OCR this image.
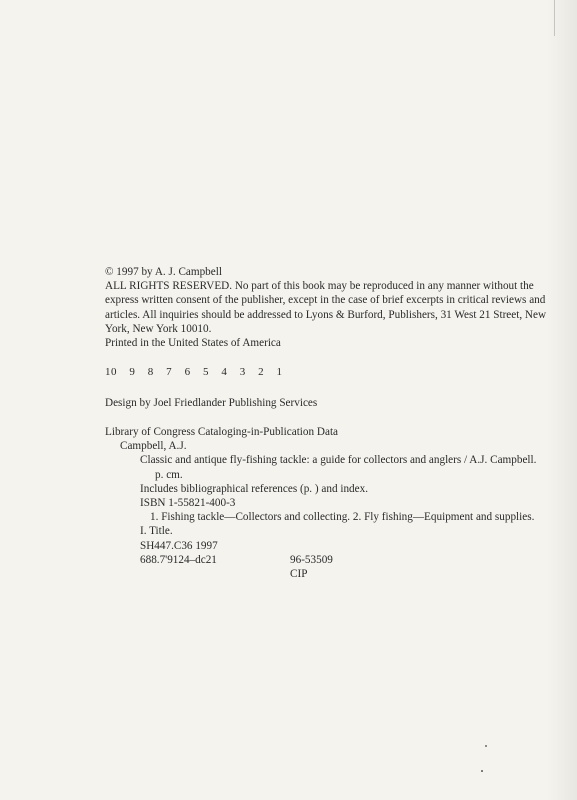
© 1997 by A. J. Campbell

ALL RIGHTS RESERVED. No part of this book may be reproduced in any manner without the express written consent of the publisher, except in the case of brief excerpts in critical reviews and articles. All inquiries should be addressed to Lyons & Burford, Publishers, 31 West 21 Street, New York, New York 10010.

Printed in the United States of America

10 9 8 7 6 5 4 3 2 1
Design by Joel Friedlander Publishing Services
Library of Congress Cataloging-in-Publication Data
Campbell, A.J.
Classic and antique fly-fishing tackle: a guide for collectors and anglers / A.J. Campbell.
p. cm.
Includes bibliographical references (p. ) and index.
ISBN 1-55821-400-3
1. Fishing tackle—Collectors and collecting. 2. Fly fishing—Equipment and supplies.
I. Title.
SH447.C36 1997
688.7'9124–dc21	96-53509
CIP
